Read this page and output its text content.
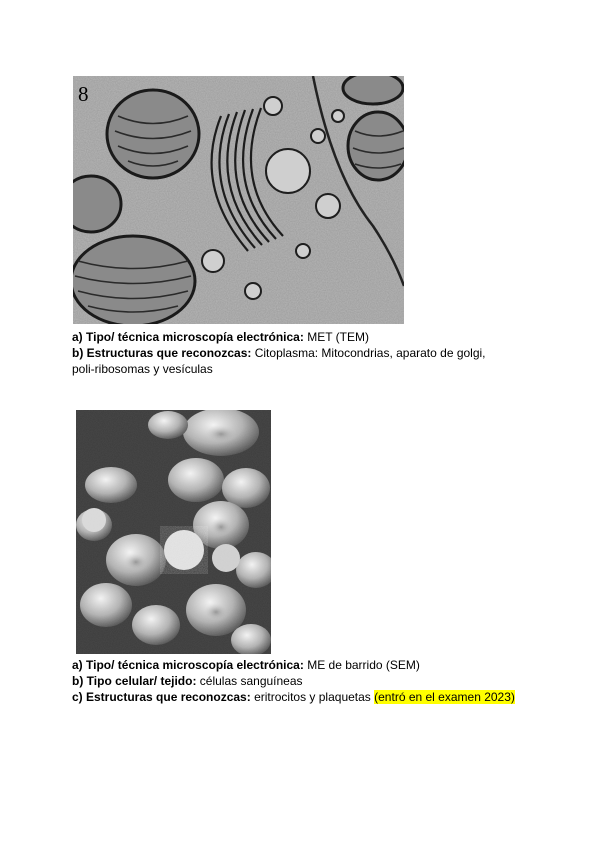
8
a) Tipo/ técnica microscopía electrónica: MET (TEM)
b) Estructuras que reconozcas: Citoplasma: Mitocondrias, aparato de golgi,
poli-ribosomas y vesículas
a) Tipo/ técnica microscopía electrónica: ME de barrido (SEM)
b) Tipo celular/ tejido: células sanguíneas
c) Estructuras que reconozcas: eritrocitos y plaquetas (entró en el examen 2023)
